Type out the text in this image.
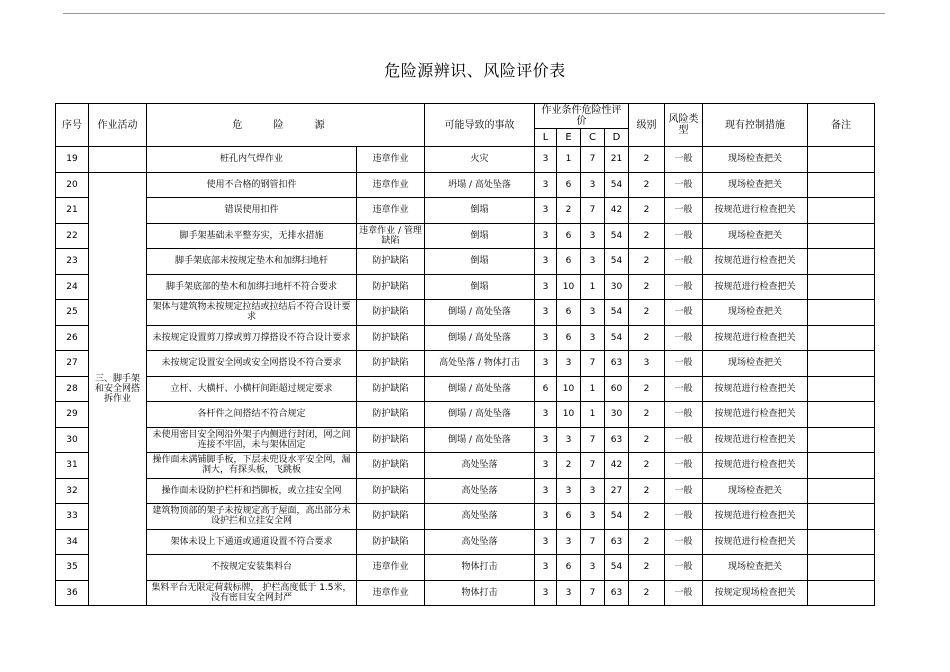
危险源辨识、风险评价表
序号	作业活动	危 险 源		可能导致的事故	作业条件危险性评价				级别	风险类型	现有控制措施	备注
					L	E	C	D				
19		桩孔内气焊作业	违章作业	火灾	3	1	7	21	2	一般	现场检查把关	
20	三、脚手架和安全网搭拆作业	使用不合格的钢管扣件	违章作业	坍塌 / 高处坠落	3	6	3	54	2	一般	现场检查把关	
21		错误使用扣件	违章作业	倒塌	3	2	7	42	2	一般	按规范进行检查把关	
22		脚手架基础未平整夯实，无排水措施	违章作业 / 管理缺陷	倒塌	3	6	3	54	2	一般	现场检查把关	
23		脚手架底部未按规定垫木和加绑扫地杆	防护缺陷	倒塌	3	6	3	54	2	一般	按规范进行检查把关	
24		脚手架底部的垫木和加绑扫地杆不符合要求	防护缺陷	倒塌	3	10	1	30	2	一般	按规范进行检查把关	
25		架体与建筑物未按规定拉结或拉结后不符合设计要求	防护缺陷	倒塌 / 高处坠落	3	6	3	54	2	一般	现场检查把关	
26		未按规定设置剪刀撑或剪刀撑搭设不符合设计要求	防护缺陷	倒塌 / 高处坠落	3	6	3	54	2	一般	按规范进行检查把关	
27		未按规定设置安全网或安全网搭设不符合要求	防护缺陷	高处坠落 / 物体打击	3	3	7	63	3	一般	现场检查把关	
28		立杆、大横杆、小横杆间距超过规定要求	防护缺陷	倒塌 / 高处坠落	6	10	1	60	2	一般	按规范进行检查把关	
29		各杆件之间搭结不符合规定	防护缺陷	倒塌 / 高处坠落	3	10	1	30	2	一般	按规范进行检查把关	
30		未使用密目安全网沿外架子内侧进行封闭，网之间连接不牢固，未与架体固定	防护缺陷	倒塌 / 高处坠落	3	3	7	63	2	一般	按规范进行检查把关	
31		操作面未满铺脚手板，下层未兜设水平安全网，漏洞大，有探头板，飞跳板	防护缺陷	高处坠落	3	2	7	42	2	一般	按规范进行检查把关	
32		操作面未设防护栏杆和挡脚板，或立挂安全网	防护缺陷	高处坠落	3	3	3	27	2	一般	现场检查把关	
33		建筑物顶部的架子未按规定高于屋面，高出部分未设护拦和立挂安全网	防护缺陷	高处坠落	3	6	3	54	2	一般	按规范进行检查把关	
34		架体未设上下通道或通道设置不符合要求	防护缺陷	高处坠落	3	3	7	63	2	一般	按规范进行检查把关	
35		不按规定安装集料台	违章作业	物体打击	3	6	3	54	2	一般	现场检查把关	
36		集料平台无限定荷载标牌， 护栏高度低于 1.5米，没有密目安全网封严	违章作业	物体打击	3	3	7	63	2	一般	按规定现场检查把关	
